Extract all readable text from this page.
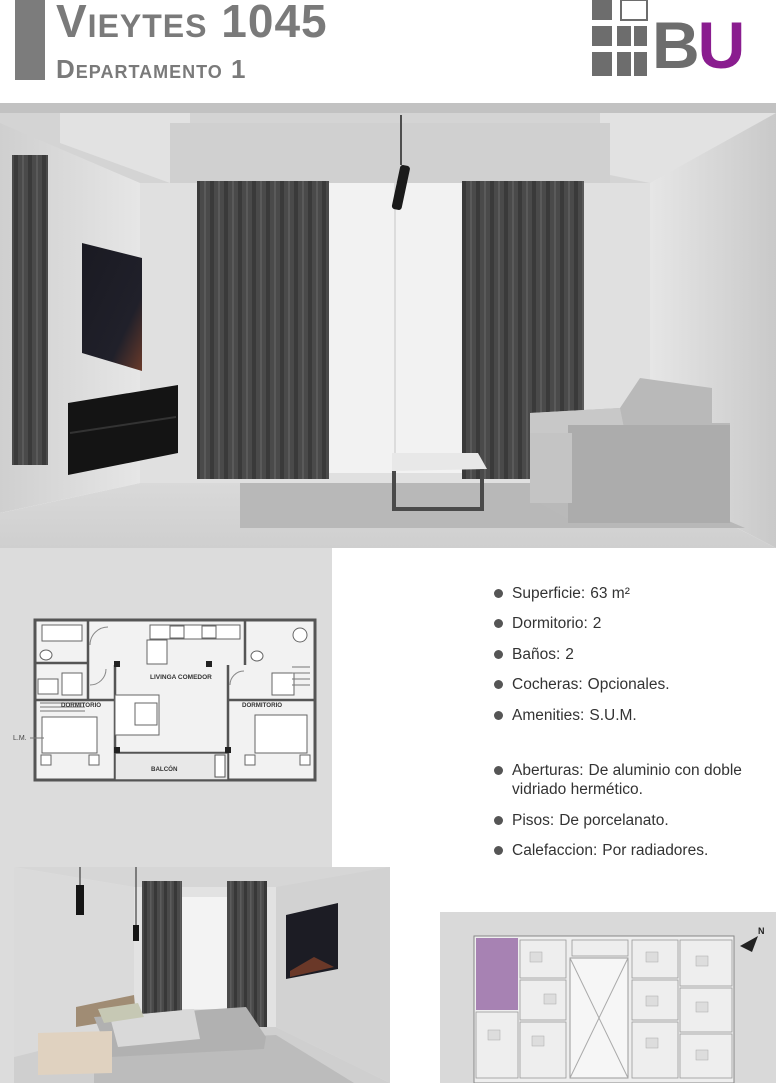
Vieytes 1045
Departamento 1	BU
LIVINGA COMEDOR
DORMITORIO	DORMITORIO
BALCÓN
L.M.
Superficie: 63 m²
Dormitorio: 2
Baños: 2
Cocheras: Opcionales.
Amenities: S.U.M.
Aberturas: De aluminio con doble vidriado hermético.
Pisos: De porcelanato.
Calefaccion: Por radiadores.
N
